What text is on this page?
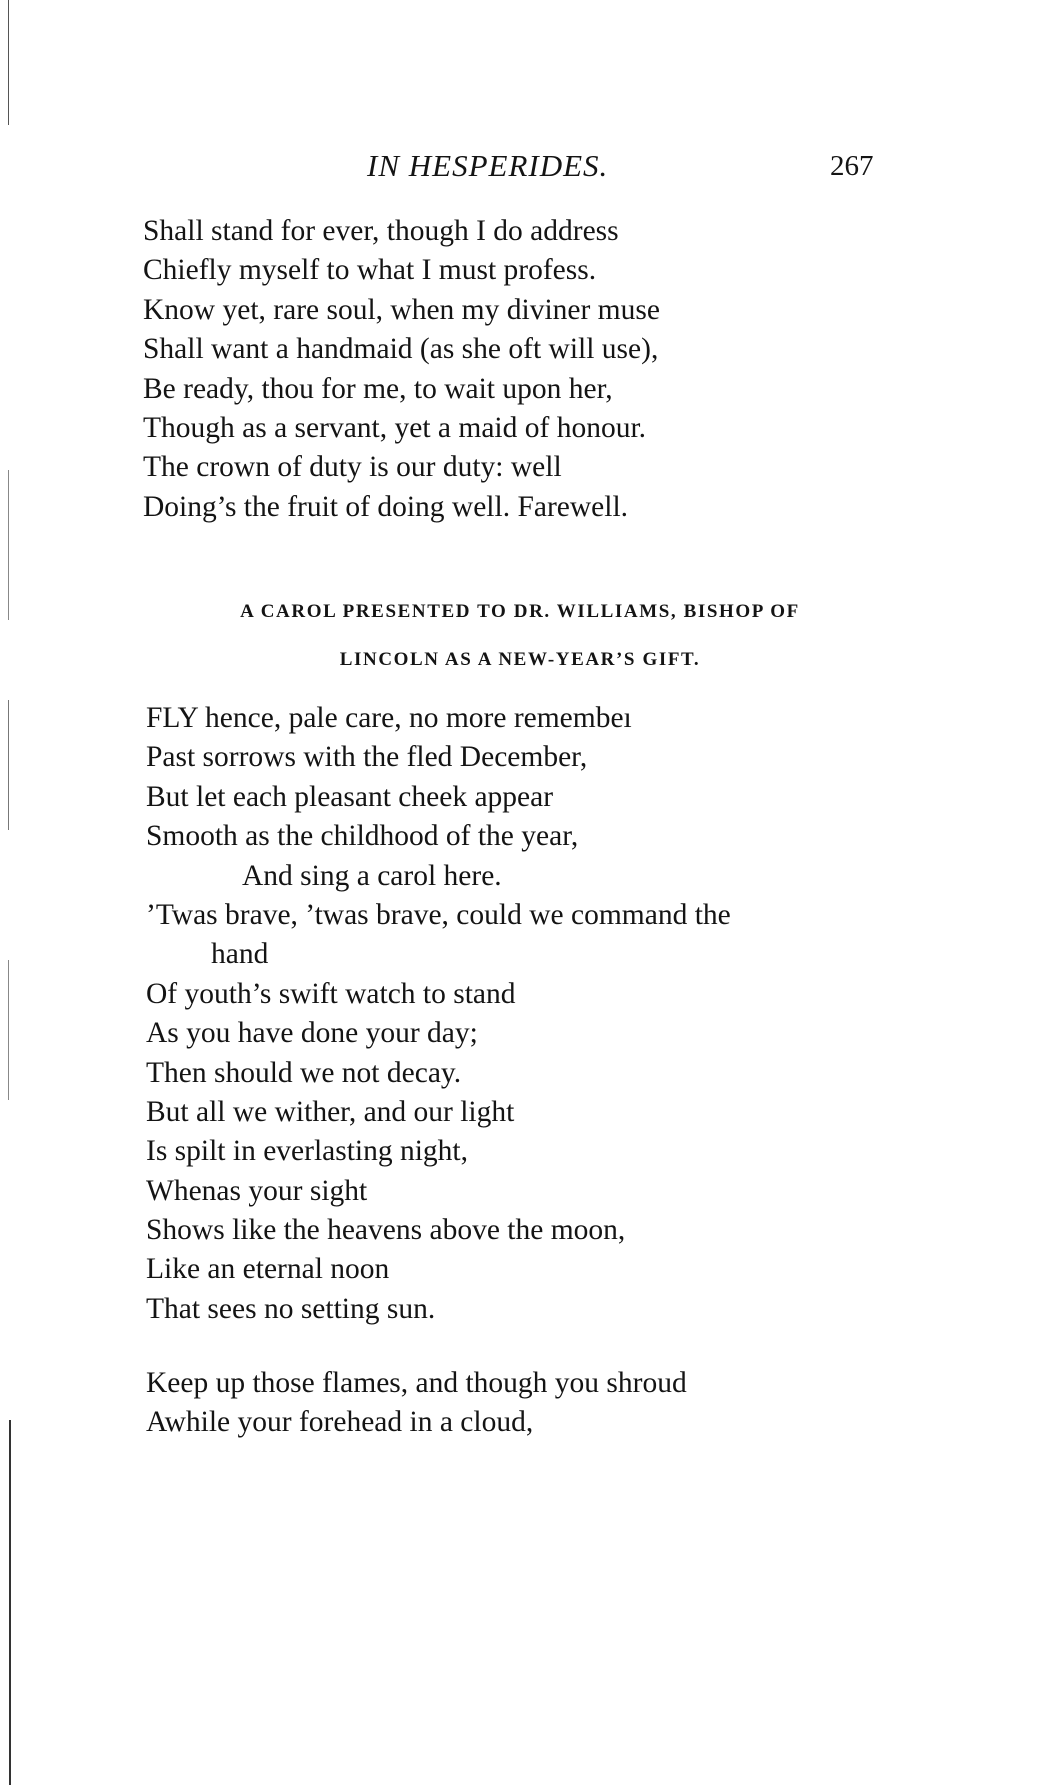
IN HESPERIDES.	267
Shall stand for ever, though I do address
Chiefly myself to what I must profess.
Know yet, rare soul, when my diviner muse
Shall want a handmaid (as she oft will use),
Be ready, thou for me, to wait upon her,
Though as a servant, yet a maid of honour.
The crown of duty is our duty: well
Doing’s the fruit of doing well. Farewell.
A CAROL PRESENTED TO DR. WILLIAMS, BISHOP OF
LINCOLN AS A NEW-YEAR’S GIFT.
FLY hence, pale care, no more remembeı
Past sorrows with the fled December,
But let each pleasant cheek appear
Smooth as the childhood of the year,
And sing a carol here.
’Twas brave, ’twas brave, could we command the
hand
Of youth’s swift watch to stand
As you have done your day;
Then should we not decay.
But all we wither, and our light
Is spilt in everlasting night,
Whenas your sight
Shows like the heavens above the moon,
Like an eternal noon
That sees no setting sun.
Keep up those flames, and though you shroud
Awhile your forehead in a cloud,
